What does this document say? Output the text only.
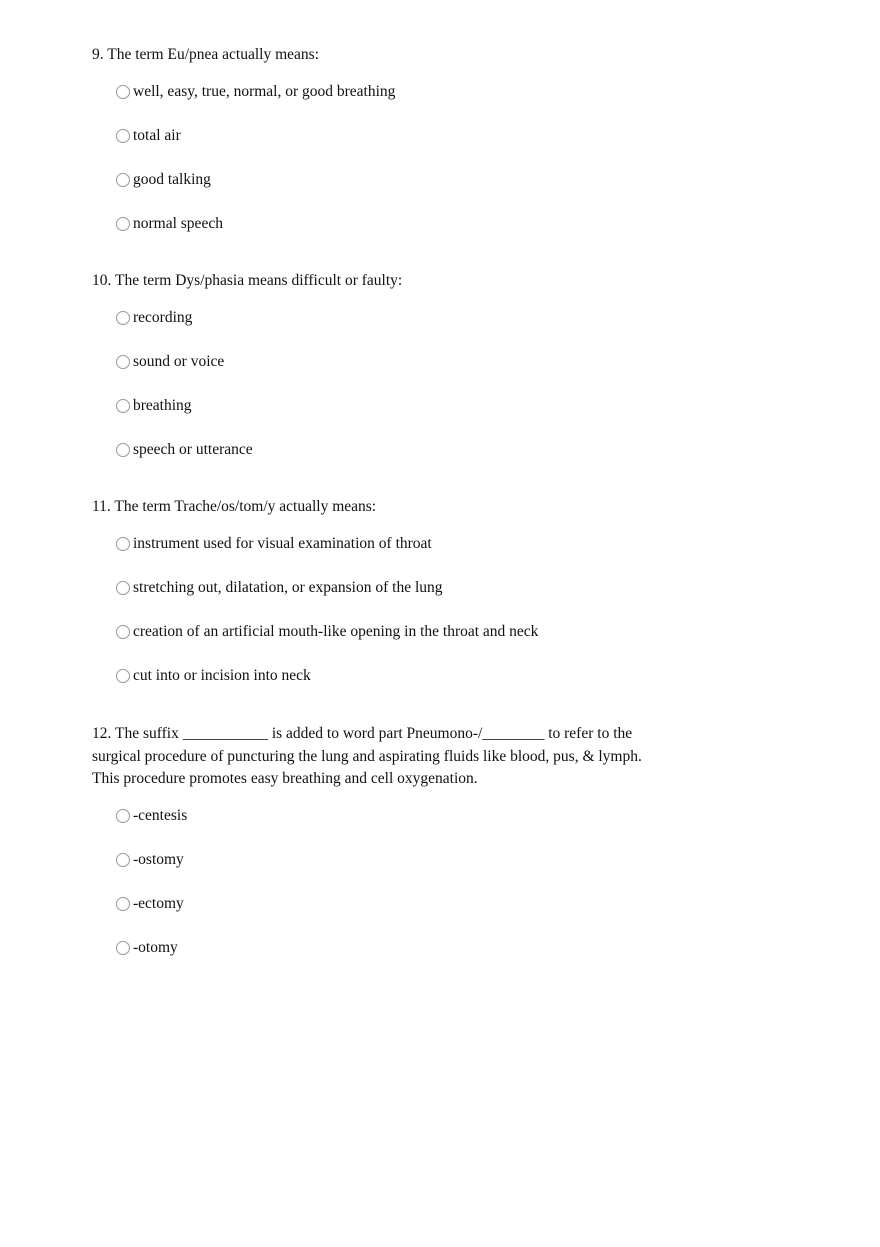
9. The term Eu/pnea actually means:

well, easy, true, normal, or good breathing
total air
good talking
normal speech

10. The term Dys/phasia means difficult or faulty:

recording
sound or voice
breathing
speech or utterance

11. The term Trache/os/tom/y actually means:

instrument used for visual examination of throat
stretching out, dilatation, or expansion of the lung
creation of an artificial mouth-like opening in the throat and neck
cut into or incision into neck

12. The suffix ___________ is added to word part Pneumono-/________ to refer to the

surgical procedure of puncturing the lung and aspirating fluids like blood, pus, & lymph.

This procedure promotes easy breathing and cell oxygenation.

-centesis
-ostomy
-ectomy
-otomy
